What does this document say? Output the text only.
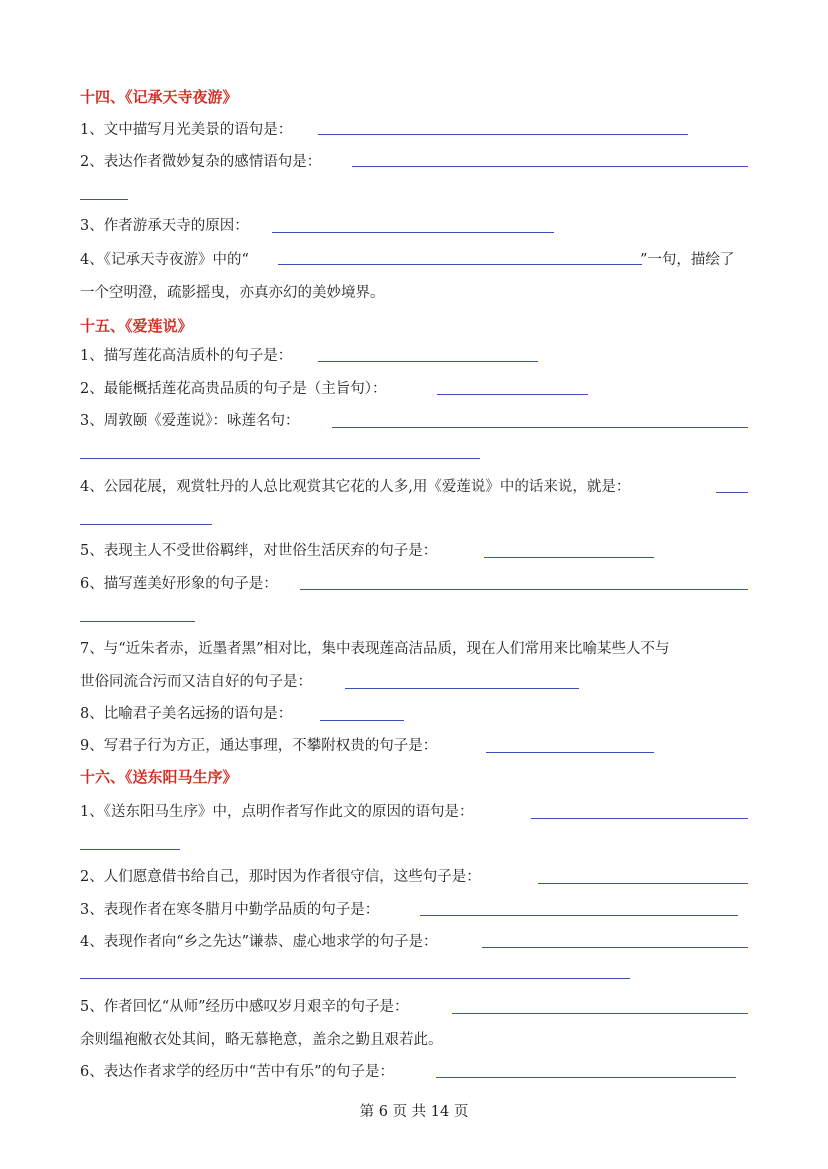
十四、《记承天寺夜游》
1、文中描写月光美景的语句是：
2、表达作者微妙复杂的感情语句是：
3、作者游承天寺的原因：
4、《记承天寺夜游》中的“	”一句，描绘了
一个空明澄，疏影摇曳，亦真亦幻的美妙境界。
十五、《爱莲说》
1、描写莲花高洁质朴的句子是：
2、最能概括莲花高贵品质的句子是（主旨句）：
3、周敦颐《爱莲说》：咏莲名句：
4、公园花展，观赏牡丹的人总比观赏其它花的人多,用《爱莲说》中的话来说，就是：
5、表现主人不受世俗羁绊，对世俗生活厌弃的句子是：
6、描写莲美好形象的句子是：
7、与“近朱者赤，近墨者黑”相对比，集中表现莲高洁品质，现在人们常用来比喻某些人不与
世俗同流合污而又洁自好的句子是：
8、比喻君子美名远扬的语句是：
9、写君子行为方正，通达事理，不攀附权贵的句子是：
十六、《送东阳马生序》
1、《送东阳马生序》中，点明作者写作此文的原因的语句是：
2、人们愿意借书给自己，那时因为作者很守信，这些句子是：
3、表现作者在寒冬腊月中勤学品质的句子是：
4、表现作者向“乡之先达”谦恭、虚心地求学的句子是：
5、作者回忆“从师”经历中感叹岁月艰辛的句子是：
余则缊袍敝衣处其间，略无慕艳意，盖余之勤且艰若此。
6、表达作者求学的经历中“苦中有乐”的句子是：
第 6 页 共 14 页
